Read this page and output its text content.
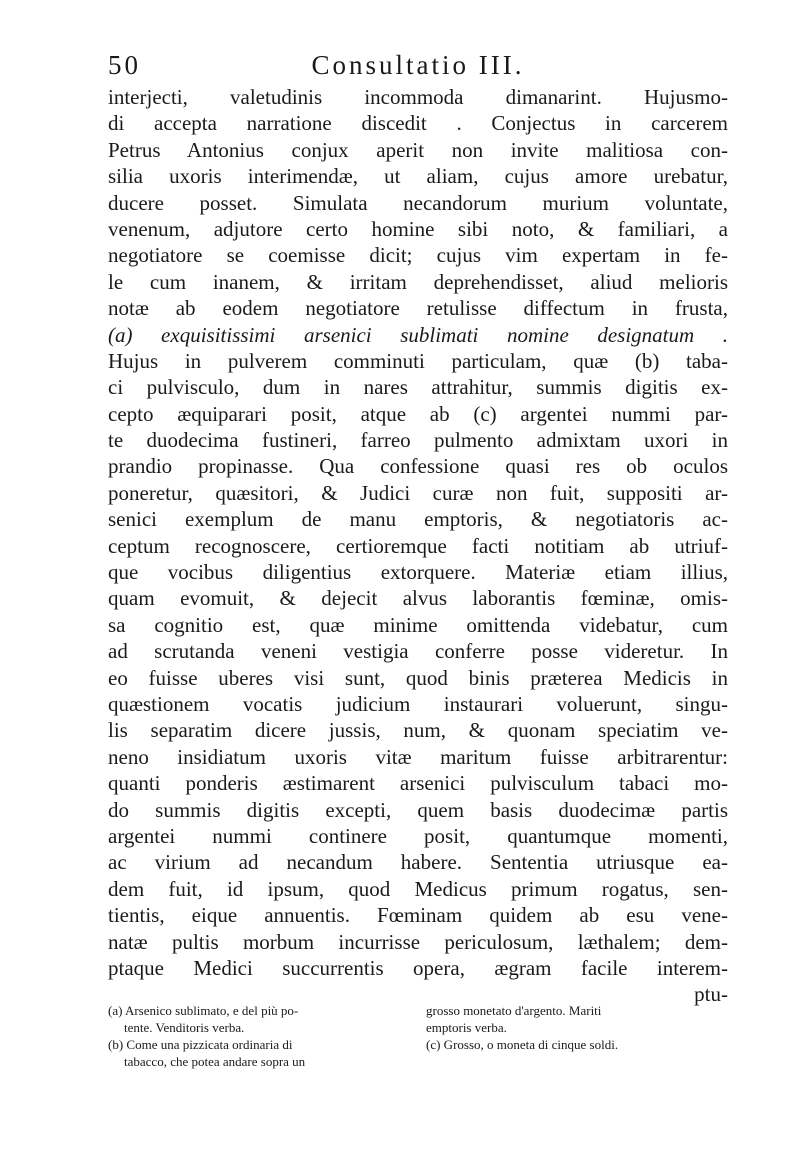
50	Consultatio III.
interjecti, valetudinis incommoda dimanarint. Hujusmo-
di accepta narratione discedit . Conjectus in carcerem
Petrus Antonius conjux aperit non invite malitiosa con-
silia uxoris interimendæ, ut aliam, cujus amore urebatur,
ducere posset. Simulata necandorum murium voluntate,
venenum, adjutore certo homine sibi noto, & familiari, a
negotiatore se coemisse dicit; cujus vim expertam in fe-
le cum inanem, & irritam deprehendisset, aliud melioris
notæ ab eodem negotiatore retulisse diffectum in frusta,
(a) exquisitissimi arsenici sublimati nomine designatum .
Hujus in pulverem comminuti particulam, quæ (b) taba-
ci pulvisculo, dum in nares attrahitur, summis digitis ex-
cepto æquiparari posit, atque ab (c) argentei nummi par-
te duodecima fustineri, farreo pulmento admixtam uxori in
prandio propinasse. Qua confessione quasi res ob oculos
poneretur, quæsitori, & Judici curæ non fuit, suppositi ar-
senici exemplum de manu emptoris, & negotiatoris ac-
ceptum recognoscere, certioremque facti notitiam ab utriuf-
que vocibus diligentius extorquere. Materiæ etiam illius,
quam evomuit, & dejecit alvus laborantis fœminæ, omis-
sa cognitio est, quæ minime omittenda videbatur, cum
ad scrutanda veneni vestigia conferre posse videretur. In
eo fuisse uberes visi sunt, quod binis præterea Medicis in
quæstionem vocatis judicium instaurari voluerunt, singu-
lis separatim dicere jussis, num, & quonam speciatim ve-
neno insidiatum uxoris vitæ maritum fuisse arbitrarentur:
quanti ponderis æstimarent arsenici pulvisculum tabaci mo-
do summis digitis excepti, quem basis duodecimæ partis
argentei nummi continere posit, quantumque momenti,
ac virium ad necandum habere. Sententia utriusque ea-
dem fuit, id ipsum, quod Medicus primum rogatus, sen-
tientis, eique annuentis. Fœminam quidem ab esu vene-
natæ pultis morbum incurrisse periculosum, læthalem; dem-
ptaque Medici succurrentis opera, ægram facile interem-
ptu-
(a) Arsenico sublimato, e del più po-
tente. Venditoris verba.
(b) Come una pizzicata ordinaria di
tabacco, che potea andare sopra un
grosso monetato d'argento. Mariti
emptoris verba.
(c) Grosso, o moneta di cinque soldi.
